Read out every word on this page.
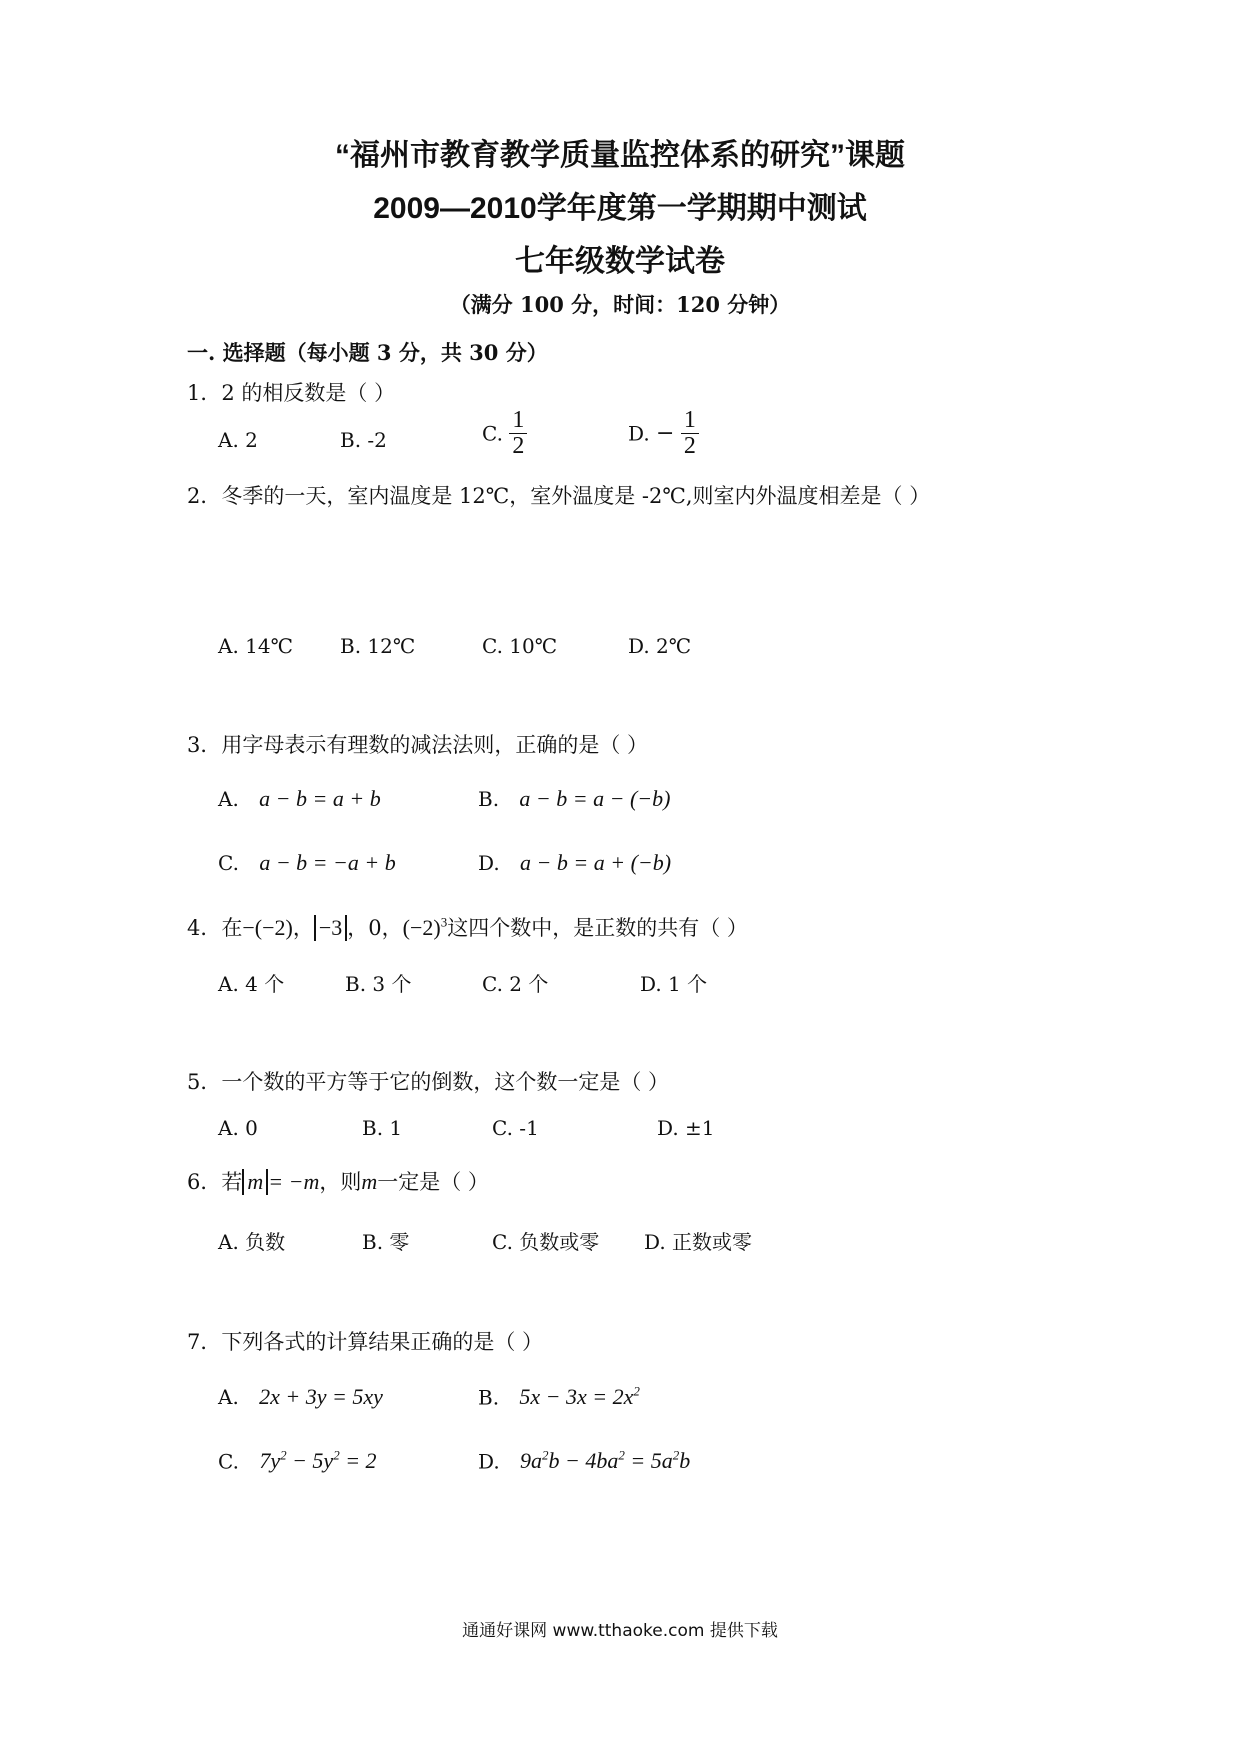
“福州市教育教学质量监控体系的研究”课题
2009—2010学年度第一学期期中测试
七年级数学试卷
（满分 100 分，时间：120 分钟）
一. 选择题（每小题 3 分，共 30 分）
1．2 的相反数是（ ）
A. 2	B. -2	C. $\frac{1}{2}$	D. − $\frac{1}{2}$
2．冬季的一天，室内温度是 12℃，室外温度是 -2℃,则室内外温度相差是（ ）
A. 14℃ B. 12℃	C. 10℃	D. 2℃
3．用字母表示有理数的减法法则，正确的是（ ）
A. a − b = a + b	B. a − b = a − (−b)
C. a − b = −a + b	D. a − b = a + (−b)
4．在−(−2)， −3 ，0，$(-2)^3$这四个数中，是正数的共有（ ）
A. 4 个	B. 3 个	C. 2 个	D. 1 个
5．一个数的平方等于它的倒数，这个数一定是（ ）
A. 0	B. 1	C. -1	D. ±1
6．若 m = −m，则m一定是（ ）
A. 负数	B. 零	C. 负数或零 D. 正数或零
7．下列各式的计算结果正确的是（ ）
A. 2x + 3y = 5xy	B. $5x - 3x = 2x^2$
C. $7y^2 - 5y^2 = 2$	D. $9a^2b - 4ba^2 = 5a^2b$
通通好课网 www.tthaoke.com 提供下载
